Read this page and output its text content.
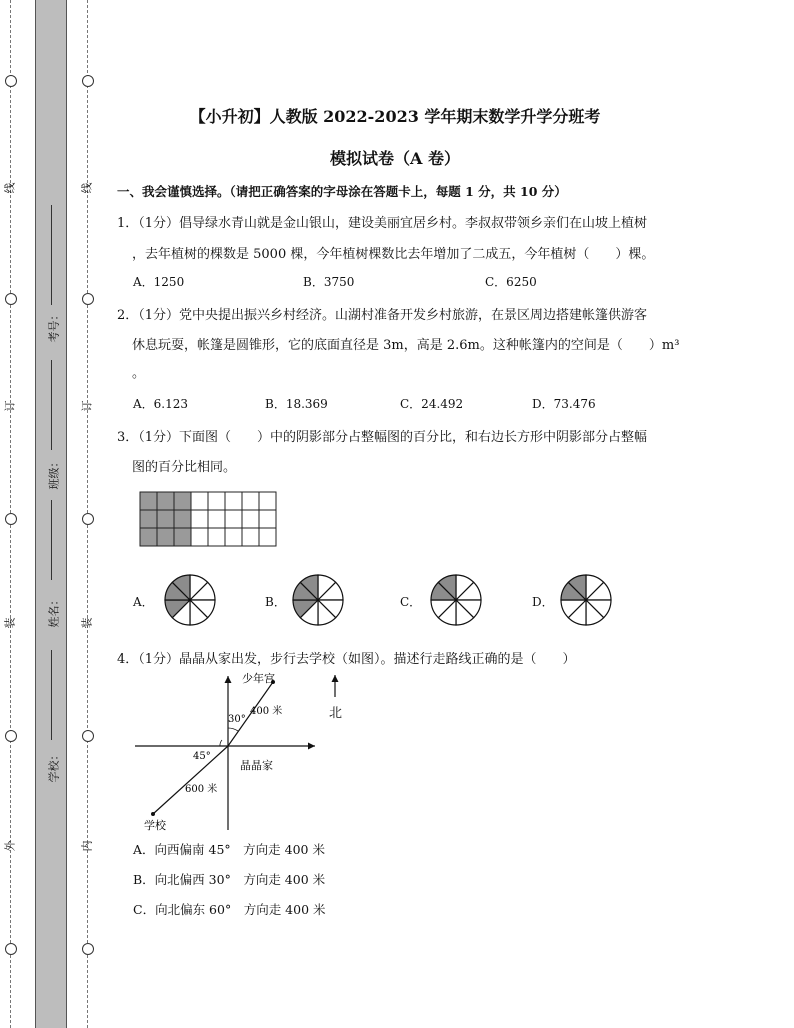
线
订
装
外
线
订
装
内
考号：
班级：
姓名：
学校：
【小升初】人教版 2022-2023 学年期末数学升学分班考
模拟试卷（A 卷）
一、我会谨慎选择。（请把正确答案的字母涂在答题卡上，每题 1 分，共 10 分）
1．（1分）倡导绿水青山就是金山银山，建设美丽宜居乡村。李叔叔带领乡亲们在山坡上植树
，去年植树的棵数是 5000 棵，今年植树棵数比去年增加了二成五，今年植树（　　）棵。
A．1250	B．3750	C．6250
2．（1分）党中央提出振兴乡村经济。山湖村准备开发乡村旅游，在景区周边搭建帐篷供游客
休息玩耍，帐篷是圆锥形，它的底面直径是 3m，高是 2.6m。这种帐篷内的空间是（　　）m³
。
A．6.123	B．18.369	C．24.492	D．73.476
3．（1分）下面图（　　）中的阴影部分占整幅图的百分比，和右边长方形中阴影部分占整幅
图的百分比相同。
A．	B．	C．	D．
4．（1分）晶晶从家出发，步行去学校（如图）。描述行走路线正确的是（　　）
少年宫
30°
400 米
45°
600 米
晶晶家
学校
北
A．向西偏南 45°　方向走 400 米
B．向北偏西 30°　方向走 400 米
C．向北偏东 60°　方向走 400 米
